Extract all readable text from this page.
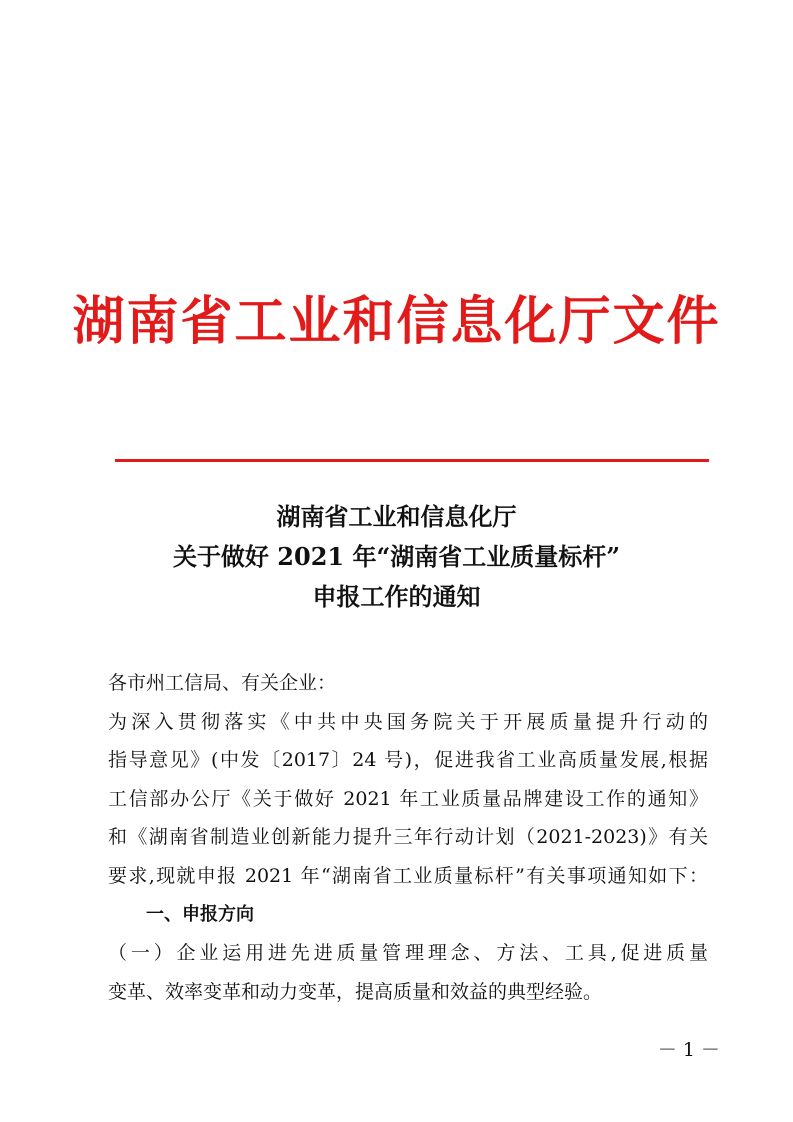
湖南省工业和信息化厅文件
湖南省工业和信息化厅
关于做好 2021 年“湖南省工业质量标杆”
申报工作的通知

各市州工信局、有关企业：

为深入贯彻落实《中共中央国务院关于开展质量提升行动的

指导意见》(中发〔2017〕24 号)，促进我省工业高质量发展,根据

工信部办公厅《关于做好 2021 年工业质量品牌建设工作的通知》

和《湖南省制造业创新能力提升三年行动计划（2021-2023)》有关

要求,现就申报 2021 年“湖南省工业质量标杆”有关事项通知如下：

一、申报方向

（一）企业运用进先进质量管理理念、方法、工具,促进质量

变革、效率变革和动力变革，提高质量和效益的典型经验。

－ 1 －
